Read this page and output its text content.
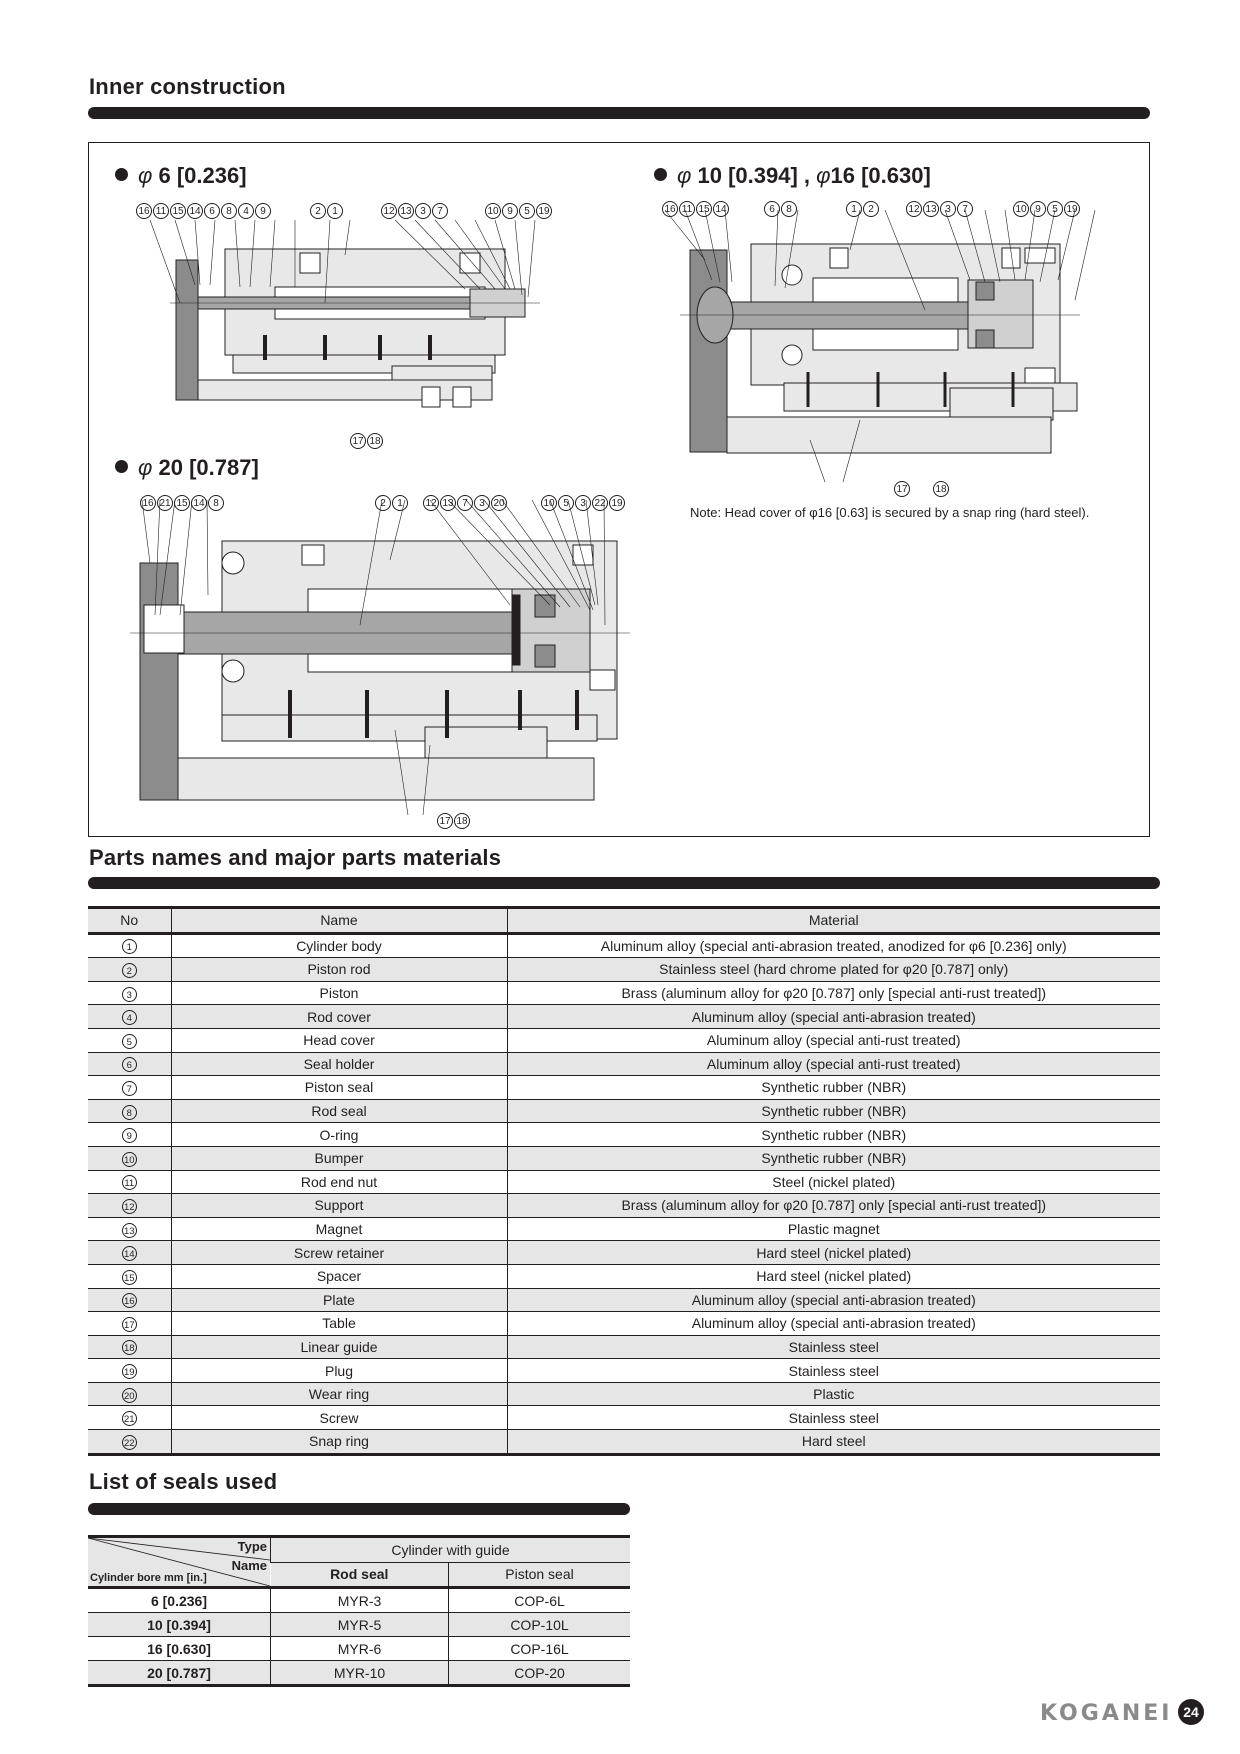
Inner construction
φ 6 [0.236]
16 11 15 14 6 8 4 9	2 1	12 13 3 7	10 9 5 19
17 18
φ 10 [0.394] , φ16 [0.630]
16 11 15 14	6 8	1 2	12 13 3 7	10 9 5 19
17	18
Note: Head cover of φ16 [0.63] is secured by a snap ring (hard steel).
φ 20 [0.787]
16 21 15 14 8	2 1	12 13 7 3 20	10 5 3 22 19
17 18
Parts names and major parts materials
No	Name	Material
1	Cylinder body	Aluminum alloy (special anti-abrasion treated, anodized for φ6 [0.236] only)
2	Piston rod	Stainless steel (hard chrome plated for φ20 [0.787] only)
3	Piston	Brass (aluminum alloy for φ20 [0.787] only [special anti-rust treated])
4	Rod cover	Aluminum alloy (special anti-abrasion treated)
5	Head cover	Aluminum alloy (special anti-rust treated)
6	Seal holder	Aluminum alloy (special anti-rust treated)
7	Piston seal	Synthetic rubber (NBR)
8	Rod seal	Synthetic rubber (NBR)
9	O-ring	Synthetic rubber (NBR)
10	Bumper	Synthetic rubber (NBR)
11	Rod end nut	Steel (nickel plated)
12	Support	Brass (aluminum alloy for φ20 [0.787] only [special anti-rust treated])
13	Magnet	Plastic magnet
14	Screw retainer	Hard steel (nickel plated)
15	Spacer	Hard steel (nickel plated)
16	Plate	Aluminum alloy (special anti-abrasion treated)
17	Table	Aluminum alloy (special anti-abrasion treated)
18	Linear guide	Stainless steel
19	Plug	Stainless steel
20	Wear ring	Plastic
21	Screw	Stainless steel
22	Snap ring	Hard steel
List of seals used
Type
Name
Cylinder bore mm [in.]	Cylinder with guide	
	Rod seal	Piston seal
6 [0.236]	MYR-3	COP-6L
10 [0.394]	MYR-5	COP-10L
16 [0.630]	MYR-6	COP-16L
20 [0.787]	MYR-10	COP-20
KOGANEI 24
